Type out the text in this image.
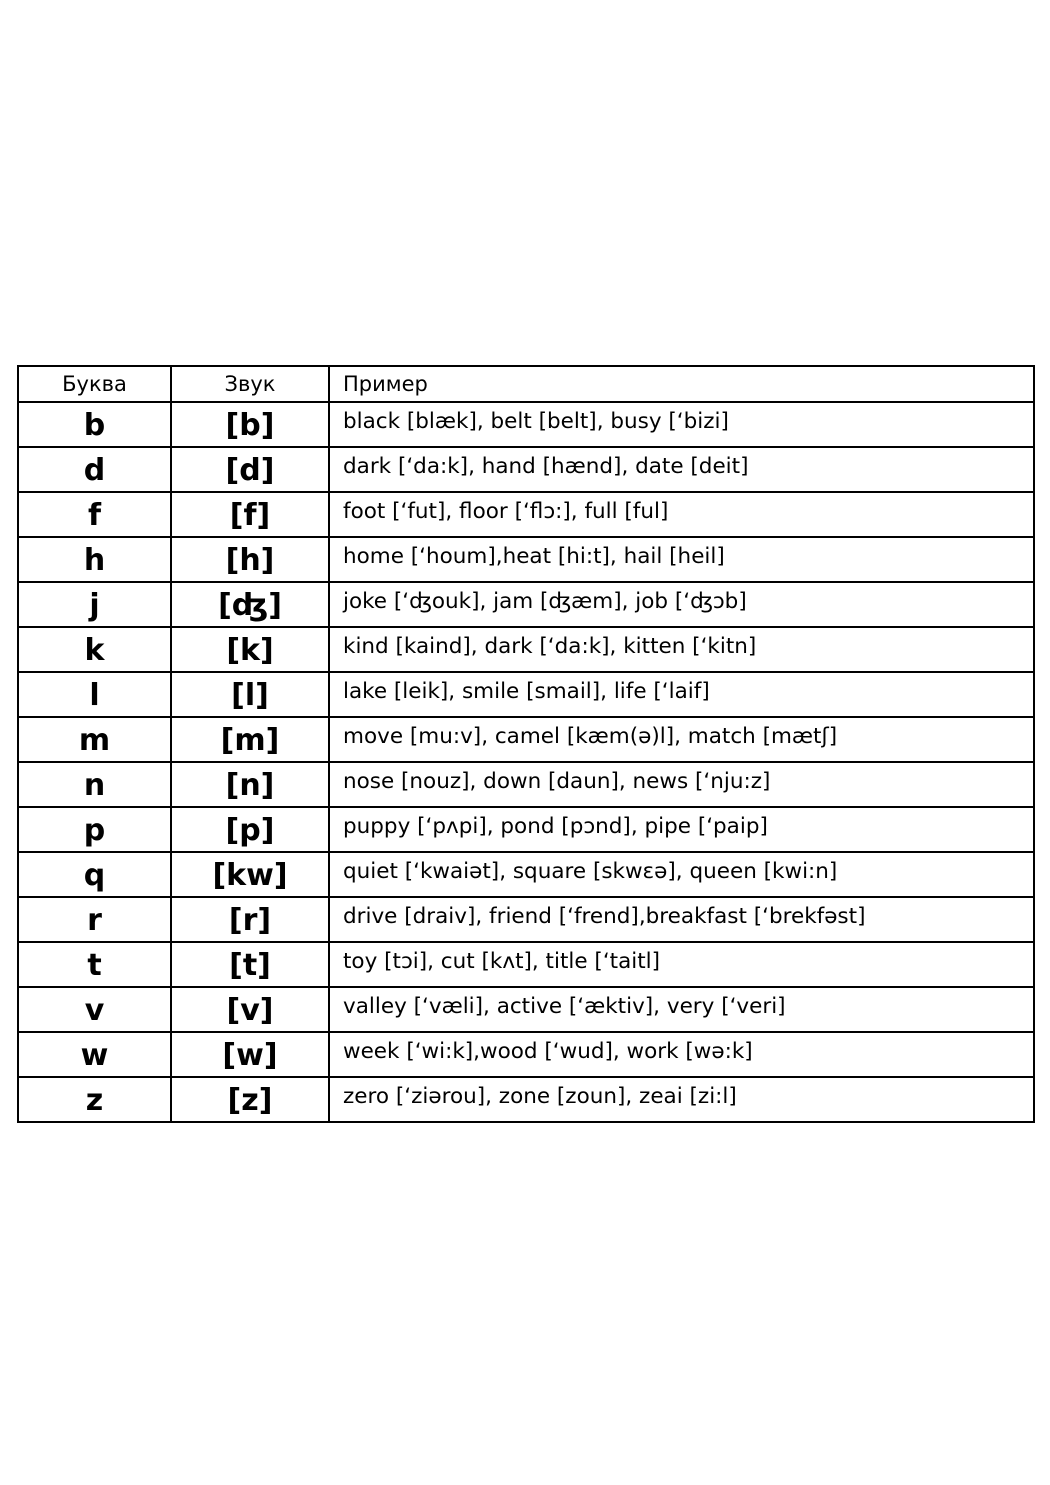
Буква	Звук	Пример
b	[b]	black [blæk], belt [belt], busy [‘bizi]
d	[d]	dark [‘da:k], hand [hænd], date [deit]
f	[f]	foot [‘fut], floor [‘flɔ:], full [ful]
h	[h]	home [‘houm],heat [hi:t], hail [heil]
j	[ʤ]	joke [‘ʤouk], jam [ʤæm], job [‘ʤɔb]
k	[k]	kind [kaind], dark [‘da:k], kitten [‘kitn]
l	[l]	lake [leik], smile [smail], life [‘laif]
m	[m]	move [mu:v], camel [kæm(ə)l], match [mætʃ]
n	[n]	nose [nouz], down [daun], news [‘nju:z]
p	[p]	puppy [‘pʌpi], pond [pɔnd], pipe [‘paip]
q	[kw]	quiet [‘kwaiət], square [skwɛə], queen [kwi:n]
r	[r]	drive [draiv], friend [‘frend],breakfast [‘brekfəst]
t	[t]	toy [tɔi], cut [kʌt], title [‘taitl]
v	[v]	valley [‘væli], active [‘æktiv], very [‘veri]
w	[w]	week [‘wi:k],wood [‘wud], work [wə:k]
z	[z]	zero [‘ziərou], zone [zoun], zeai [zi:l]
